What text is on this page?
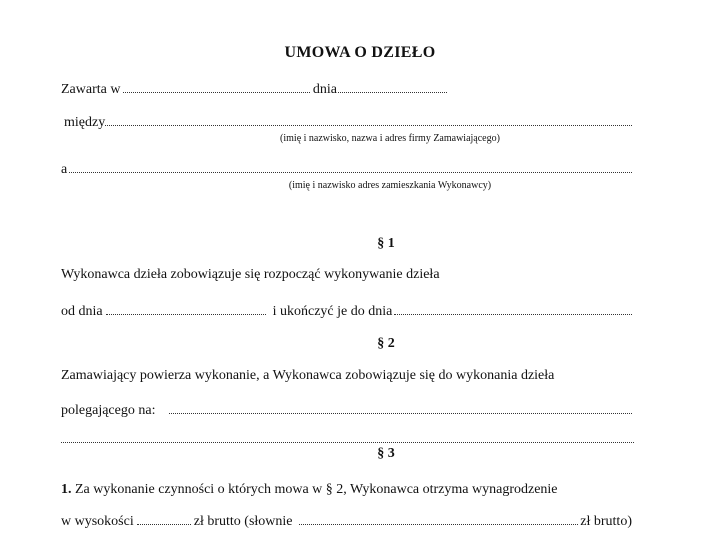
UMOWA O DZIEŁO
Zawarta w	dnia
między
(imię i nazwisko, nazwa i adres firmy Zamawiającego)
a
(imię i nazwisko adres zamieszkania Wykonawcy)
§ 1
Wykonawca dzieła zobowiązuje się rozpocząć wykonywanie dzieła
od dnia	i ukończyć je do dnia
§ 2
Zamawiający powierza wykonanie, a Wykonawca zobowiązuje się do wykonania dzieła
polegającego na:
§ 3
1. Za wykonanie czynności o których mowa w § 2, Wykonawca otrzyma wynagrodzenie
w wysokości	zł brutto (słownie	zł brutto)
